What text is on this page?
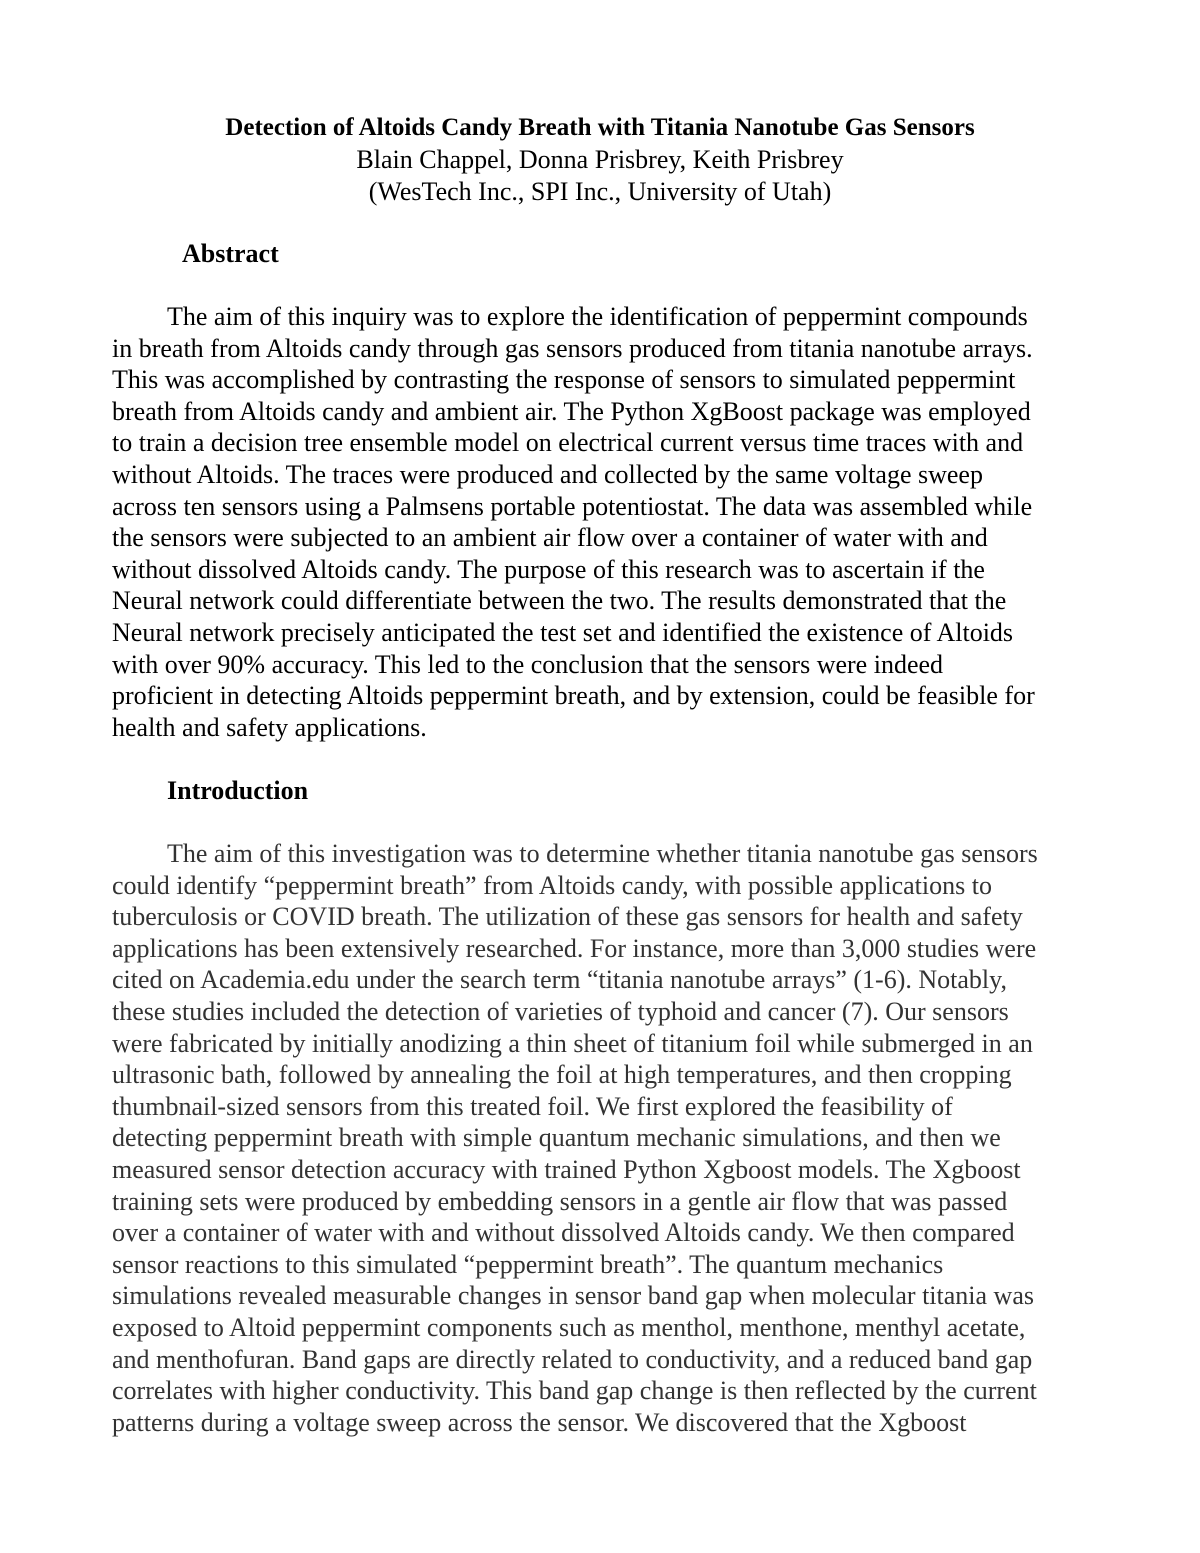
Detection of Altoids Candy Breath with Titania Nanotube Gas Sensors

Blain Chappel, Donna Prisbrey, Keith Prisbrey

(WesTech Inc., SPI Inc., University of Utah)

Abstract
The aim of this inquiry was to explore the identification of peppermint compounds
in breath from Altoids candy through gas sensors produced from titania nanotube arrays.
This was accomplished by contrasting the response of sensors to simulated peppermint
breath from Altoids candy and ambient air. The Python XgBoost package was employed
to train a decision tree ensemble model on electrical current versus time traces with and
without Altoids. The traces were produced and collected by the same voltage sweep
across ten sensors using a Palmsens portable potentiostat. The data was assembled while
the sensors were subjected to an ambient air flow over a container of water with and
without dissolved Altoids candy. The purpose of this research was to ascertain if the
Neural network could differentiate between the two. The results demonstrated that the
Neural network precisely anticipated the test set and identified the existence of Altoids
with over 90% accuracy. This led to the conclusion that the sensors were indeed
proficient in detecting Altoids peppermint breath, and by extension, could be feasible for
health and safety applications.
Introduction
The aim of this investigation was to determine whether titania nanotube gas sensors
could identify “peppermint breath” from Altoids candy, with possible applications to
tuberculosis or COVID breath. The utilization of these gas sensors for health and safety
applications has been extensively researched. For instance, more than 3,000 studies were
cited on Academia.edu under the search term “titania nanotube arrays” (1-6). Notably,
these studies included the detection of varieties of typhoid and cancer (7). Our sensors
were fabricated by initially anodizing a thin sheet of titanium foil while submerged in an
ultrasonic bath, followed by annealing the foil at high temperatures, and then cropping
thumbnail-sized sensors from this treated foil. We first explored the feasibility of
detecting peppermint breath with simple quantum mechanic simulations, and then we
measured sensor detection accuracy with trained Python Xgboost models. The Xgboost
training sets were produced by embedding sensors in a gentle air flow that was passed
over a container of water with and without dissolved Altoids candy. We then compared
sensor reactions to this simulated “peppermint breath”. The quantum mechanics
simulations revealed measurable changes in sensor band gap when molecular titania was
exposed to Altoid peppermint components such as menthol, menthone, menthyl acetate,
and menthofuran. Band gaps are directly related to conductivity, and a reduced band gap
correlates with higher conductivity. This band gap change is then reflected by the current
patterns during a voltage sweep across the sensor. We discovered that the Xgboost
